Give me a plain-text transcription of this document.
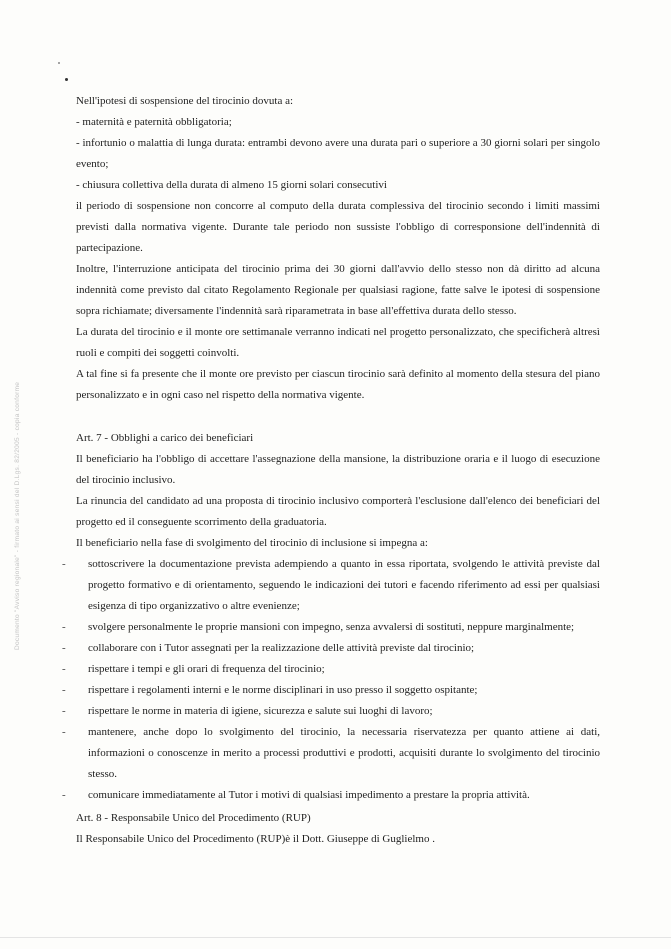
Documento "Avviso regionale" - firmato ai sensi del D.Lgs. 82/2005 - copia conforme

Nell'ipotesi di sospensione del tirocinio dovuta a:

- maternità e paternità obbligatoria;

- infortunio o malattia di lunga durata: entrambi devono avere una durata pari o superiore a 30 giorni solari per singolo evento;

- chiusura collettiva della durata di almeno 15 giorni solari consecutivi

il periodo di sospensione non concorre al computo della durata complessiva del tirocinio secondo i limiti massimi previsti dalla normativa vigente. Durante tale periodo non sussiste l'obbligo di corresponsione dell'indennità di partecipazione.

Inoltre, l'interruzione anticipata del tirocinio prima dei 30 giorni dall'avvio dello stesso non dà diritto ad alcuna indennità come previsto dal citato Regolamento Regionale per qualsiasi ragione, fatte salve le ipotesi di sospensione sopra richiamate; diversamente l'indennità sarà riparametrata in base all'effettiva durata dello stesso.

La durata del tirocinio e il monte ore settimanale verranno indicati nel progetto personalizzato, che specificherà altresì ruoli e compiti dei soggetti coinvolti.

A tal fine si fa presente che il monte ore previsto per ciascun tirocinio sarà definito al momento della stesura del piano personalizzato e in ogni caso nel rispetto della normativa vigente.

Art. 7 - Obblighi a carico dei beneficiari

Il beneficiario ha l'obbligo di accettare l'assegnazione della mansione, la distribuzione oraria e il luogo di esecuzione del tirocinio inclusivo.

La rinuncia del candidato ad una proposta di tirocinio inclusivo comporterà l'esclusione dall'elenco dei beneficiari del progetto ed il conseguente scorrimento della graduatoria.

Il beneficiario nella fase di svolgimento del tirocinio di inclusione si impegna a:

- sottoscrivere la documentazione prevista adempiendo a quanto in essa riportata, svolgendo le attività previste dal progetto formativo e di orientamento, seguendo le indicazioni dei tutori e facendo riferimento ad essi per qualsiasi esigenza di tipo organizzativo o altre evenienze;
- svolgere personalmente le proprie mansioni con impegno, senza avvalersi di sostituti, neppure marginalmente;
- collaborare con i Tutor assegnati per la realizzazione delle attività previste dal tirocinio;
- rispettare i tempi e gli orari di frequenza del tirocinio;
- rispettare i regolamenti interni e le norme disciplinari in uso presso il soggetto ospitante;
- rispettare le norme in materia di igiene, sicurezza e salute sui luoghi di lavoro;
- mantenere, anche dopo lo svolgimento del tirocinio, la necessaria riservatezza per quanto attiene ai dati, informazioni o conoscenze in merito a processi produttivi e prodotti, acquisiti durante lo svolgimento del tirocinio stesso.
- comunicare immediatamente al Tutor i motivi di qualsiasi impedimento a prestare la propria attività.

Art. 8 - Responsabile Unico del Procedimento (RUP)

Il Responsabile Unico del Procedimento (RUP)è il Dott. Giuseppe di Guglielmo .
